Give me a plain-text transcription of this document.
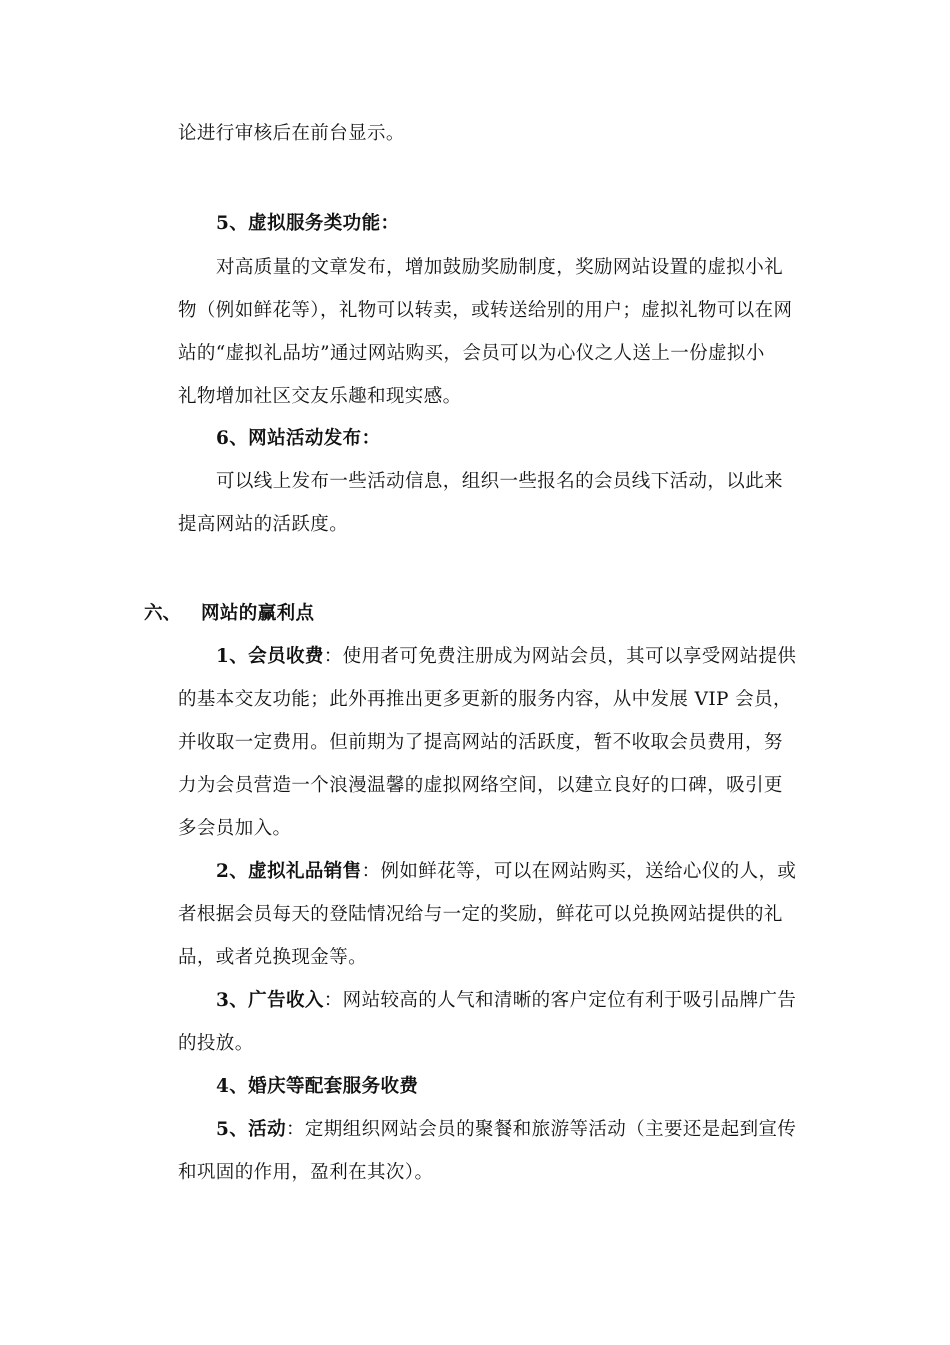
论进行审核后在前台显示。
5、虚拟服务类功能：
对高质量的文章发布，增加鼓励奖励制度，奖励网站设置的虚拟小礼
物（例如鲜花等），礼物可以转卖，或转送给别的用户；虚拟礼物可以在网
站的“虚拟礼品坊”通过网站购买，会员可以为心仪之人送上一份虚拟小
礼物增加社区交友乐趣和现实感。
6、网站活动发布：
可以线上发布一些活动信息，组织一些报名的会员线下活动，以此来
提高网站的活跃度。
六、 网站的赢利点
1、会员收费：使用者可免费注册成为网站会员，其可以享受网站提供
的基本交友功能；此外再推出更多更新的服务内容，从中发展 VIP 会员，
并收取一定费用。但前期为了提高网站的活跃度，暂不收取会员费用，努
力为会员营造一个浪漫温馨的虚拟网络空间，以建立良好的口碑，吸引更
多会员加入。
2、虚拟礼品销售：例如鲜花等，可以在网站购买，送给心仪的人，或
者根据会员每天的登陆情况给与一定的奖励，鲜花可以兑换网站提供的礼
品，或者兑换现金等。
3、广告收入：网站较高的人气和清晰的客户定位有利于吸引品牌广告
的投放。
4、婚庆等配套服务收费
5、活动：定期组织网站会员的聚餐和旅游等活动（主要还是起到宣传
和巩固的作用，盈利在其次）。
